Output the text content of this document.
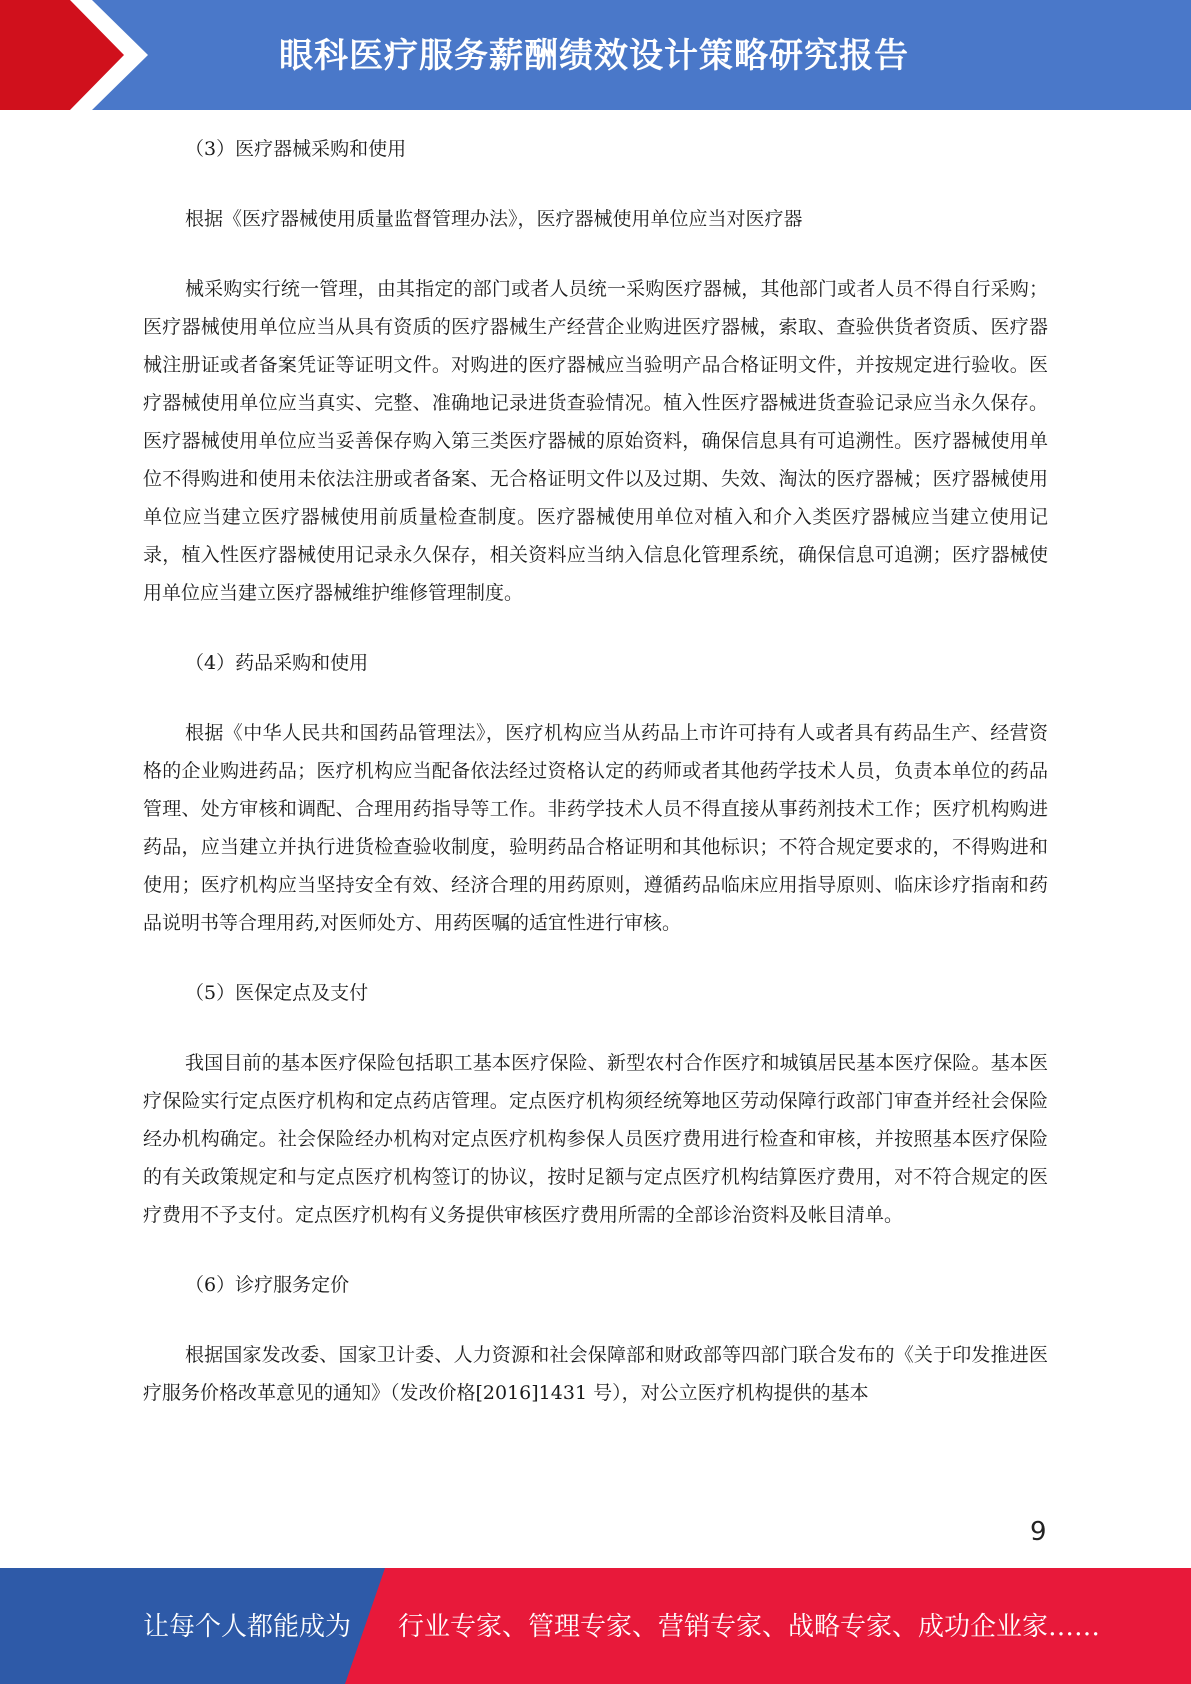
眼科医疗服务薪酬绩效设计策略研究报告

（3）医疗器械采购和使用

根据《医疗器械使用质量监督管理办法》，医疗器械使用单位应当对医疗器

械采购实行统一管理，由其指定的部门或者人员统一采购医疗器械，其他部门或者人员不得自行采购；医疗器械使用单位应当从具有资质的医疗器械生产经营企业购进医疗器械，索取、查验供货者资质、医疗器械注册证或者备案凭证等证明文件。对购进的医疗器械应当验明产品合格证明文件，并按规定进行验收。医疗器械使用单位应当真实、完整、准确地记录进货查验情况。植入性医疗器械进货查验记录应当永久保存。医疗器械使用单位应当妥善保存购入第三类医疗器械的原始资料，确保信息具有可追溯性。医疗器械使用单位不得购进和使用未依法注册或者备案、无合格证明文件以及过期、失效、淘汰的医疗器械；医疗器械使用单位应当建立医疗器械使用前质量检查制度。医疗器械使用单位对植入和介入类医疗器械应当建立使用记录，植入性医疗器械使用记录永久保存，相关资料应当纳入信息化管理系统，确保信息可追溯；医疗器械使用单位应当建立医疗器械维护维修管理制度。

（4）药品采购和使用

根据《中华人民共和国药品管理法》，医疗机构应当从药品上市许可持有人或者具有药品生产、经营资格的企业购进药品；医疗机构应当配备依法经过资格认定的药师或者其他药学技术人员，负责本单位的药品管理、处方审核和调配、合理用药指导等工作。非药学技术人员不得直接从事药剂技术工作；医疗机构购进药品，应当建立并执行进货检查验收制度，验明药品合格证明和其他标识；不符合规定要求的，不得购进和使用；医疗机构应当坚持安全有效、经济合理的用药原则，遵循药品临床应用指导原则、临床诊疗指南和药品说明书等合理用药,对医师处方、用药医嘱的适宜性进行审核。

（5）医保定点及支付

我国目前的基本医疗保险包括职工基本医疗保险、新型农村合作医疗和城镇居民基本医疗保险。基本医疗保险实行定点医疗机构和定点药店管理。定点医疗机构须经统筹地区劳动保障行政部门审查并经社会保险经办机构确定。社会保险经办机构对定点医疗机构参保人员医疗费用进行检查和审核，并按照基本医疗保险的有关政策规定和与定点医疗机构签订的协议，按时足额与定点医疗机构结算医疗费用，对不符合规定的医疗费用不予支付。定点医疗机构有义务提供审核医疗费用所需的全部诊治资料及帐目清单。

（6）诊疗服务定价

根据国家发改委、国家卫计委、人力资源和社会保障部和财政部等四部门联合发布的《关于印发推进医疗服务价格改革意见的通知》（发改价格[2016]1431 号），对公立医疗机构提供的基本

9
让每个人都能成为 行业专家、管理专家、营销专家、战略专家、成功企业家……
